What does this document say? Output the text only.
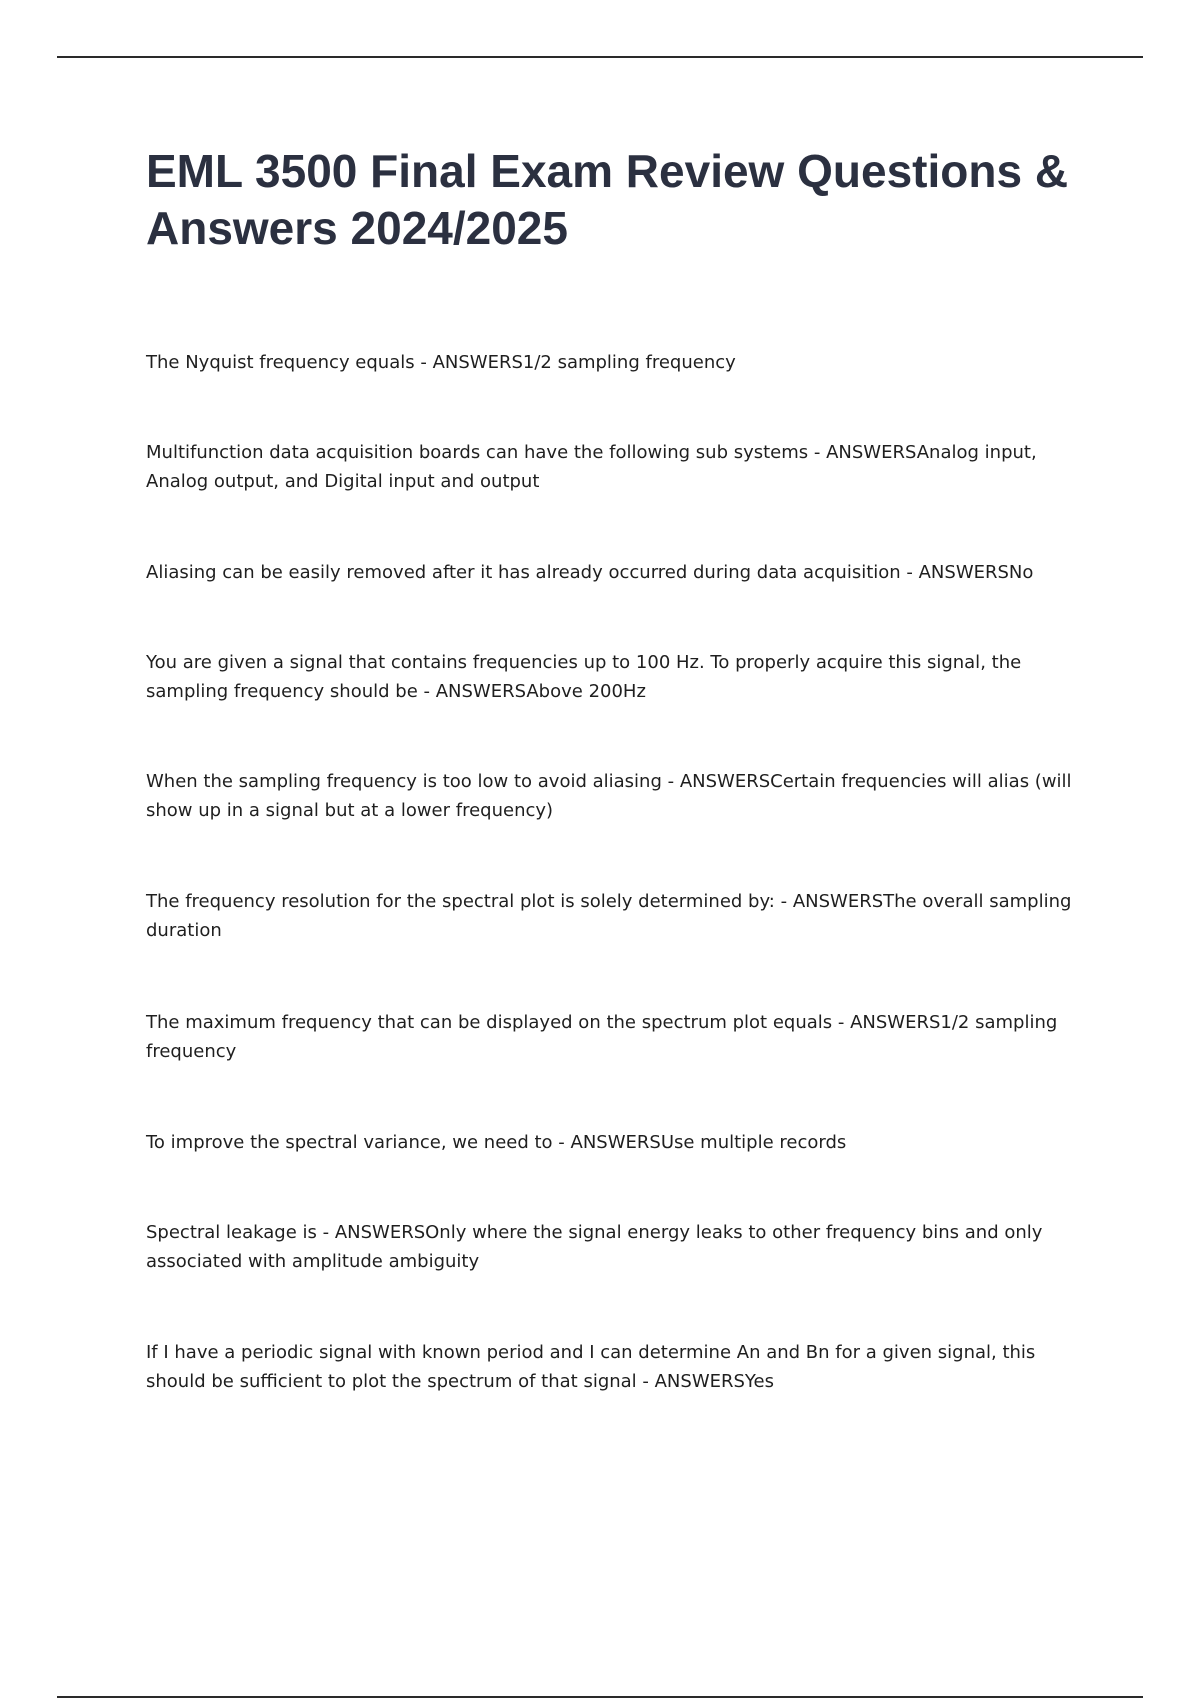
EML 3500 Final Exam Review Questions & Answers 2024/2025
The Nyquist frequency equals - ANSWERS1/2 sampling frequency
Multifunction data acquisition boards can have the following sub systems - ANSWERSAnalog input, Analog output, and Digital input and output
Aliasing can be easily removed after it has already occurred during data acquisition - ANSWERSNo
You are given a signal that contains frequencies up to 100 Hz. To properly acquire this signal, the sampling frequency should be - ANSWERSAbove 200Hz
When the sampling frequency is too low to avoid aliasing - ANSWERSCertain frequencies will alias (will show up in a signal but at a lower frequency)
The frequency resolution for the spectral plot is solely determined by: - ANSWERSThe overall sampling duration
The maximum frequency that can be displayed on the spectrum plot equals - ANSWERS1/2 sampling frequency
To improve the spectral variance, we need to - ANSWERSUse multiple records
Spectral leakage is - ANSWERSOnly where the signal energy leaks to other frequency bins and only associated with amplitude ambiguity
If I have a periodic signal with known period and I can determine An and Bn for a given signal, this should be sufficient to plot the spectrum of that signal - ANSWERSYes
